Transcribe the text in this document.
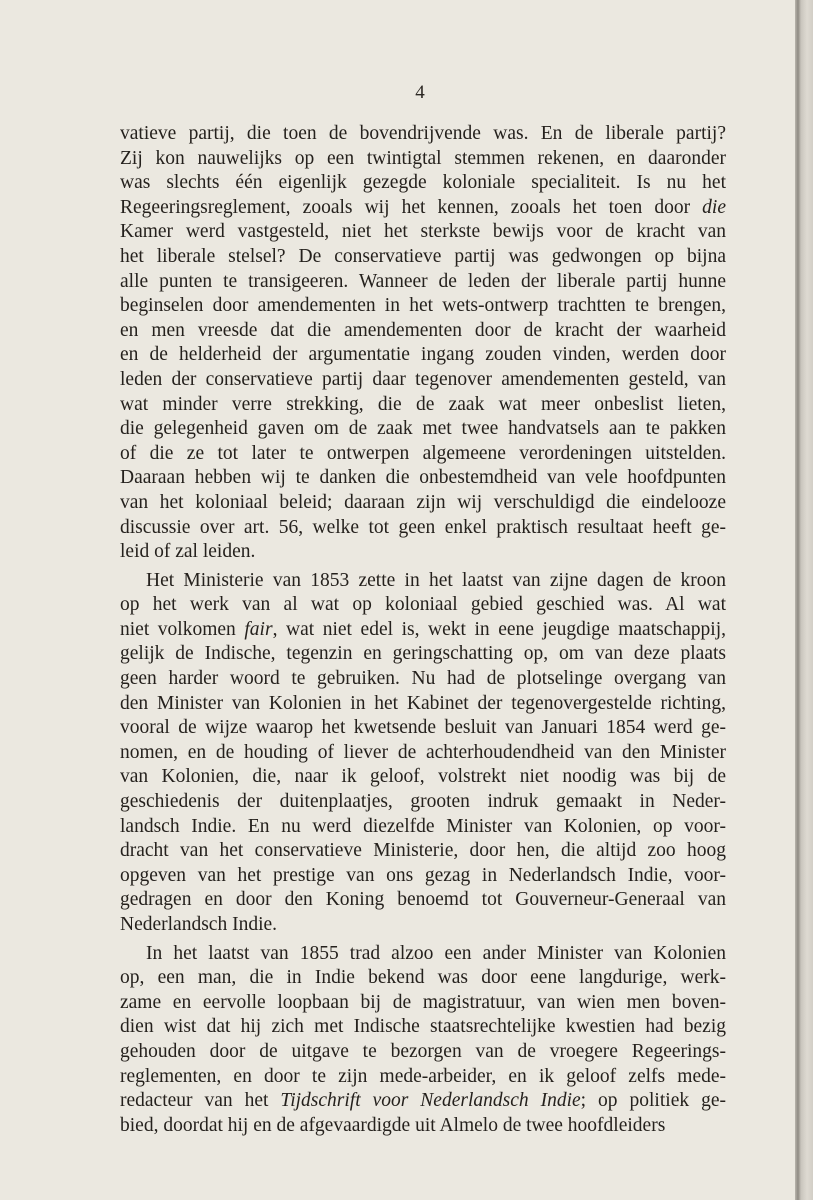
4
vatieve partij, die toen de bovendrijvende was. En de liberale partij?
Zij kon nauwelijks op een twintigtal stemmen rekenen, en daaronder
was slechts één eigenlijk gezegde koloniale specialiteit. Is nu het
Regeeringsreglement, zooals wij het kennen, zooals het toen door die
Kamer werd vastgesteld, niet het sterkste bewijs voor de kracht van
het liberale stelsel? De conservatieve partij was gedwongen op bijna
alle punten te transigeeren. Wanneer de leden der liberale partij hunne
beginselen door amendementen in het wets-ontwerp trachtten te brengen,
en men vreesde dat die amendementen door de kracht der waarheid
en de helderheid der argumentatie ingang zouden vinden, werden door
leden der conservatieve partij daar tegenover amendementen gesteld, van
wat minder verre strekking, die de zaak wat meer onbeslist lieten,
die gelegenheid gaven om de zaak met twee handvatsels aan te pakken
of die ze tot later te ontwerpen algemeene verordeningen uitstelden.
Daaraan hebben wij te danken die onbestemdheid van vele hoofdpunten
van het koloniaal beleid; daaraan zijn wij verschuldigd die eindelooze
discussie over art. 56, welke tot geen enkel praktisch resultaat heeft ge-
leid of zal leiden.
Het Ministerie van 1853 zette in het laatst van zijne dagen de kroon
op het werk van al wat op koloniaal gebied geschied was. Al wat
niet volkomen fair, wat niet edel is, wekt in eene jeugdige maatschappij,
gelijk de Indische, tegenzin en geringschatting op, om van deze plaats
geen harder woord te gebruiken. Nu had de plotselinge overgang van
den Minister van Kolonien in het Kabinet der tegenovergestelde richting,
vooral de wijze waarop het kwetsende besluit van Januari 1854 werd ge-
nomen, en de houding of liever de achterhoudendheid van den Minister
van Kolonien, die, naar ik geloof, volstrekt niet noodig was bij de
geschiedenis der duitenplaatjes, grooten indruk gemaakt in Neder-
landsch Indie. En nu werd diezelfde Minister van Kolonien, op voor-
dracht van het conservatieve Ministerie, door hen, die altijd zoo hoog
opgeven van het prestige van ons gezag in Nederlandsch Indie, voor-
gedragen en door den Koning benoemd tot Gouverneur-Generaal van
Nederlandsch Indie.
In het laatst van 1855 trad alzoo een ander Minister van Kolonien
op, een man, die in Indie bekend was door eene langdurige, werk-
zame en eervolle loopbaan bij de magistratuur, van wien men boven-
dien wist dat hij zich met Indische staatsrechtelijke kwestien had bezig
gehouden door de uitgave te bezorgen van de vroegere Regeerings-
reglementen, en door te zijn mede-arbeider, en ik geloof zelfs mede-
redacteur van het Tijdschrift voor Nederlandsch Indie; op politiek ge-
bied, doordat hij en de afgevaardigde uit Almelo de twee hoofdleiders
